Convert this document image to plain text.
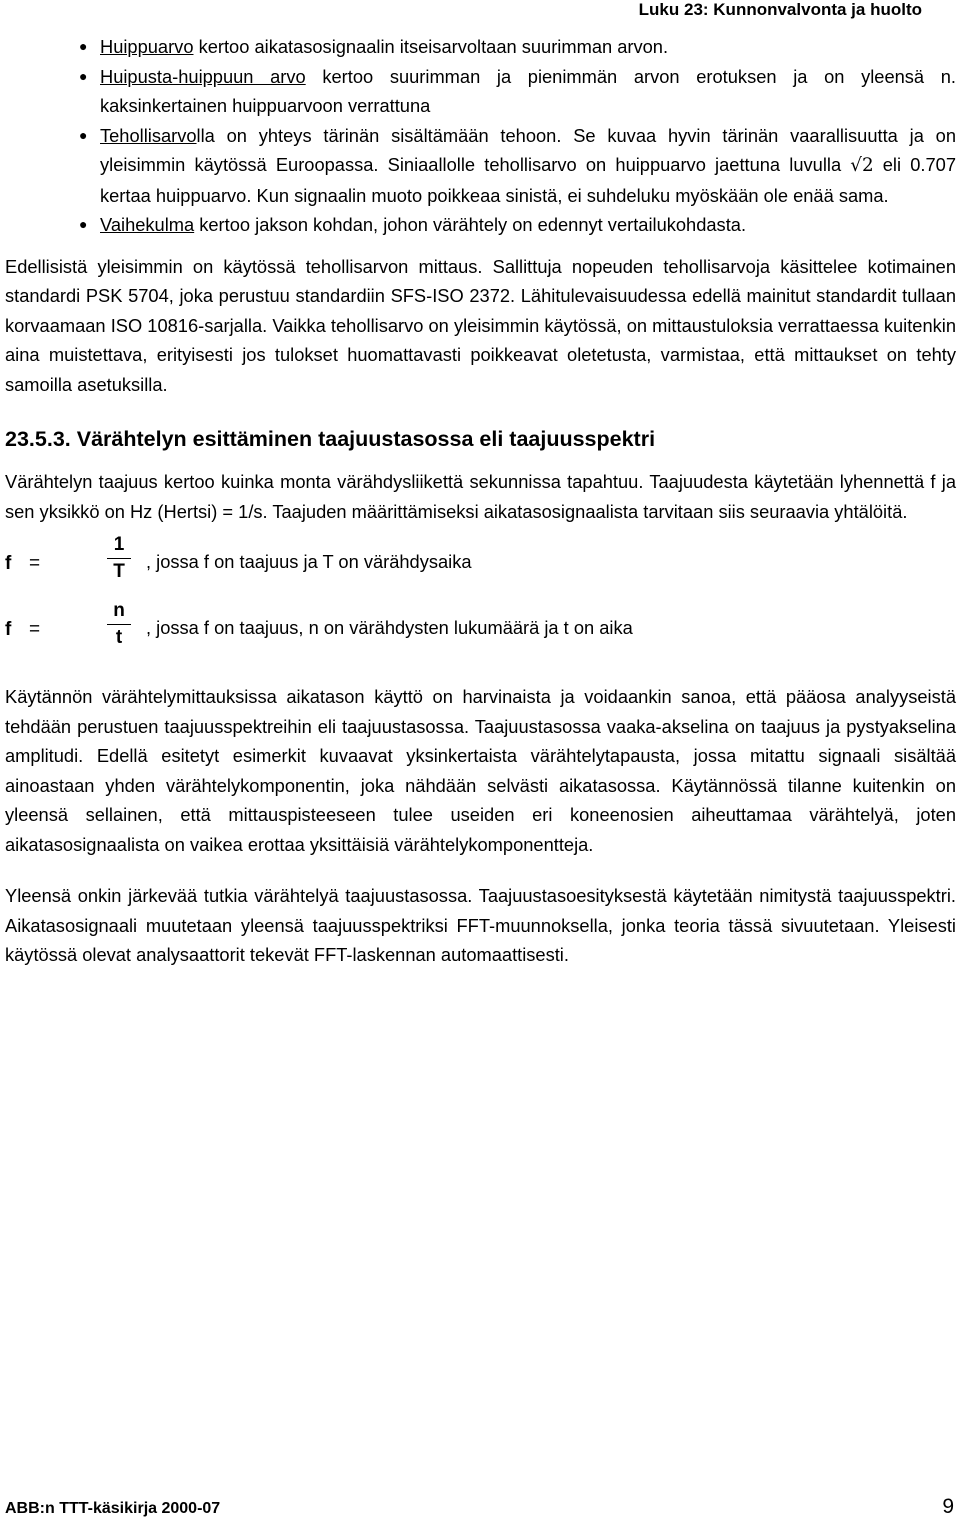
Luku 23: Kunnonvalvonta ja huolto
● Huippuarvo kertoo aikatasosignaalin itseisarvoltaan suurimman arvon.
● Huipusta-huippuun arvo kertoo suurimman ja pienimmän arvon erotuksen ja on yleensä n. kaksinkertainen huippuarvoon verrattuna
● Tehollisarvolla on yhteys tärinän sisältämään tehoon. Se kuvaa hyvin tärinän vaarallisuutta ja on yleisimmin käytössä Euroopassa. Siniaallolle tehollisarvo on huippuarvo jaettuna luvulla √2 eli 0.707 kertaa huippuarvo. Kun signaalin muoto poikkeaa sinistä, ei suhdeluku myöskään ole enää sama.
● Vaihekulma kertoo jakson kohdan, johon värähtely on edennyt vertailukohdasta.

Edellisistä yleisimmin on käytössä tehollisarvon mittaus. Sallittuja nopeuden tehollisarvoja käsittelee kotimainen standardi PSK 5704, joka perustuu standardiin SFS-ISO 2372. Lähitulevaisuudessa edellä mainitut standardit tullaan korvaamaan ISO 10816-sarjalla. Vaikka tehollisarvo on yleisimmin käytössä, on mittaustuloksia verrattaessa kuitenkin aina muistettava, erityisesti jos tulokset huomattavasti poikkeavat oletetusta, varmistaa, että mittaukset on tehty samoilla asetuksilla.

23.5.3. Värähtelyn esittäminen taajuustasossa eli taajuusspektri

Värähtelyn taajuus kertoo kuinka monta värähdysliikettä sekunnissa tapahtuu. Taajuudesta käytetään lyhennettä f ja sen yksikkö on Hz (Hertsi) = 1/s. Taajuden määrittämiseksi aikatasosignaalista tarvitaan siis seuraavia yhtälöitä.

f =	$\frac{1}{T}$ , jossa f on taajuus ja T on värähdysaika
f =	$\frac{n}{t}$ , jossa f on taajuus, n on värähdysten lukumäärä ja t on aika

Käytännön värähtelymittauksissa aikatason käyttö on harvinaista ja voidaankin sanoa, että pääosa analyyseistä tehdään perustuen taajuusspektreihin eli taajuustasossa. Taajuustasossa vaaka-akselina on taajuus ja pystyakselina amplitudi. Edellä esitetyt esimerkit kuvaavat yksinkertaista värähtelytapausta, jossa mitattu signaali sisältää ainoastaan yhden värähtelykomponentin, joka nähdään selvästi aikatasossa. Käytännössä tilanne kuitenkin on yleensä sellainen, että mittauspisteeseen tulee useiden eri koneenosien aiheuttamaa värähtelyä, joten aikatasosignaalista on vaikea erottaa yksittäisiä värähtelykomponentteja.

Yleensä onkin järkevää tutkia värähtelyä taajuustasossa. Taajuustasoesityksestä käytetään nimitystä taajuusspektri. Aikatasosignaali muutetaan yleensä taajuusspektriksi FFT-muunnoksella, jonka teoria tässä sivuutetaan. Yleisesti käytössä olevat analysaattorit tekevät FFT-laskennan automaattisesti.

ABB:n TTT-käsikirja 2000-07	9
